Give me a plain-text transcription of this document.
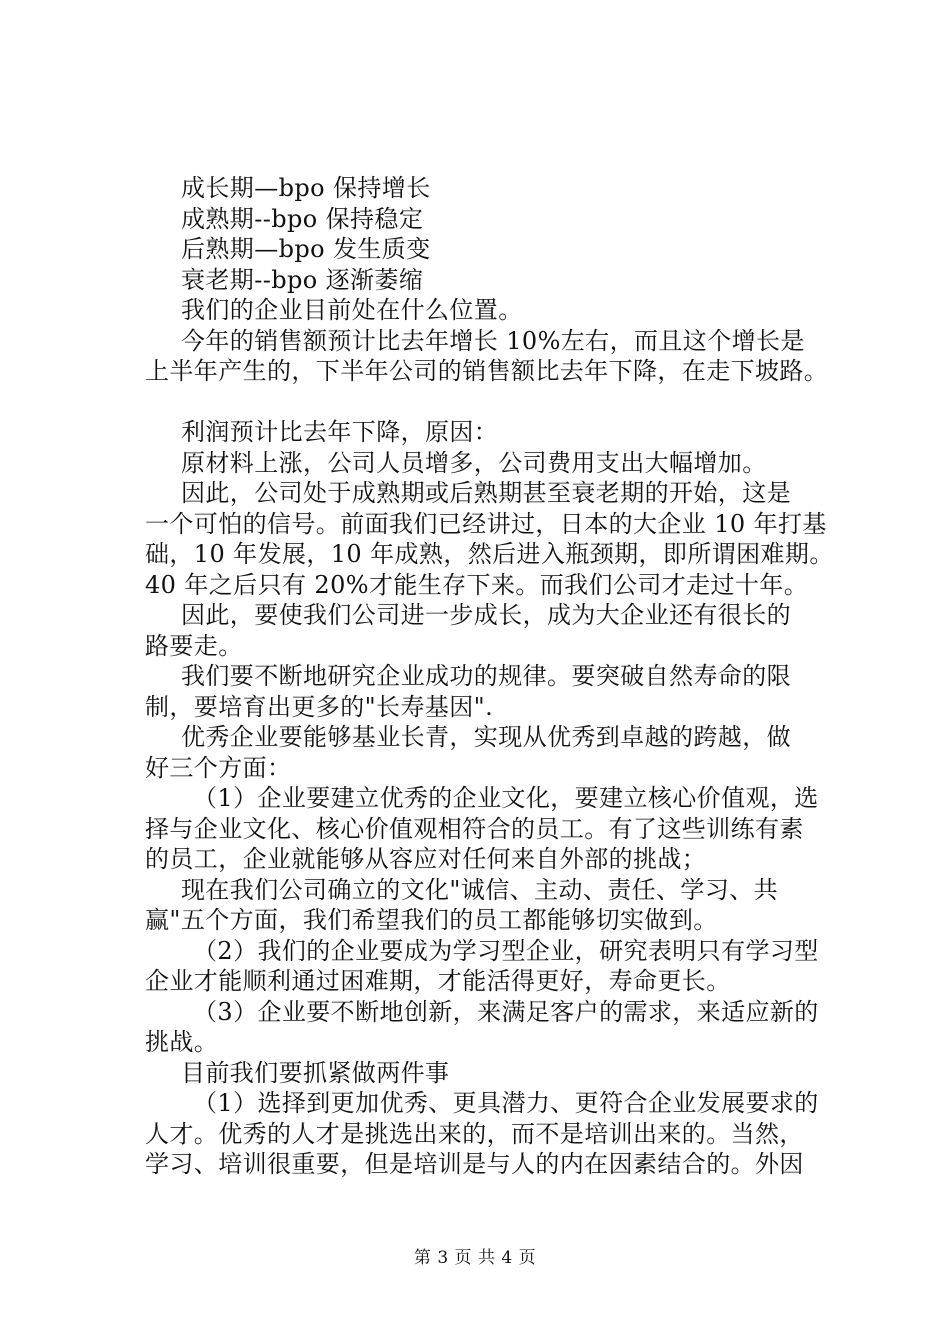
成长期—bpo 保持增长
成熟期--bpo 保持稳定
后熟期—bpo 发生质变
衰老期--bpo 逐渐萎缩
我们的企业目前处在什么位置。
今年的销售额预计比去年增长 10%左右，而且这个增长是
上半年产生的，下半年公司的销售额比去年下降，在走下坡路。
利润预计比去年下降，原因：
原材料上涨，公司人员增多，公司费用支出大幅增加。
因此，公司处于成熟期或后熟期甚至衰老期的开始，这是
一个可怕的信号。前面我们已经讲过，日本的大企业 10 年打基
础，10 年发展，10 年成熟，然后进入瓶颈期，即所谓困难期。
40 年之后只有 20%才能生存下来。而我们公司才走过十年。
因此，要使我们公司进一步成长，成为大企业还有很长的
路要走。
我们要不断地研究企业成功的规律。要突破自然寿命的限
制，要培育出更多的"长寿基因".
优秀企业要能够基业长青，实现从优秀到卓越的跨越，做
好三个方面：
（1）企业要建立优秀的企业文化，要建立核心价值观，选
择与企业文化、核心价值观相符合的员工。有了这些训练有素
的员工，企业就能够从容应对任何来自外部的挑战；
现在我们公司确立的文化"诚信、主动、责任、学习、共
赢"五个方面，我们希望我们的员工都能够切实做到。
（2）我们的企业要成为学习型企业，研究表明只有学习型
企业才能顺利通过困难期，才能活得更好，寿命更长。
（3）企业要不断地创新，来满足客户的需求，来适应新的
挑战。
目前我们要抓紧做两件事
（1）选择到更加优秀、更具潜力、更符合企业发展要求的
人才。优秀的人才是挑选出来的，而不是培训出来的。当然，
学习、培训很重要，但是培训是与人的内在因素结合的。外因
第 3 页 共 4 页
